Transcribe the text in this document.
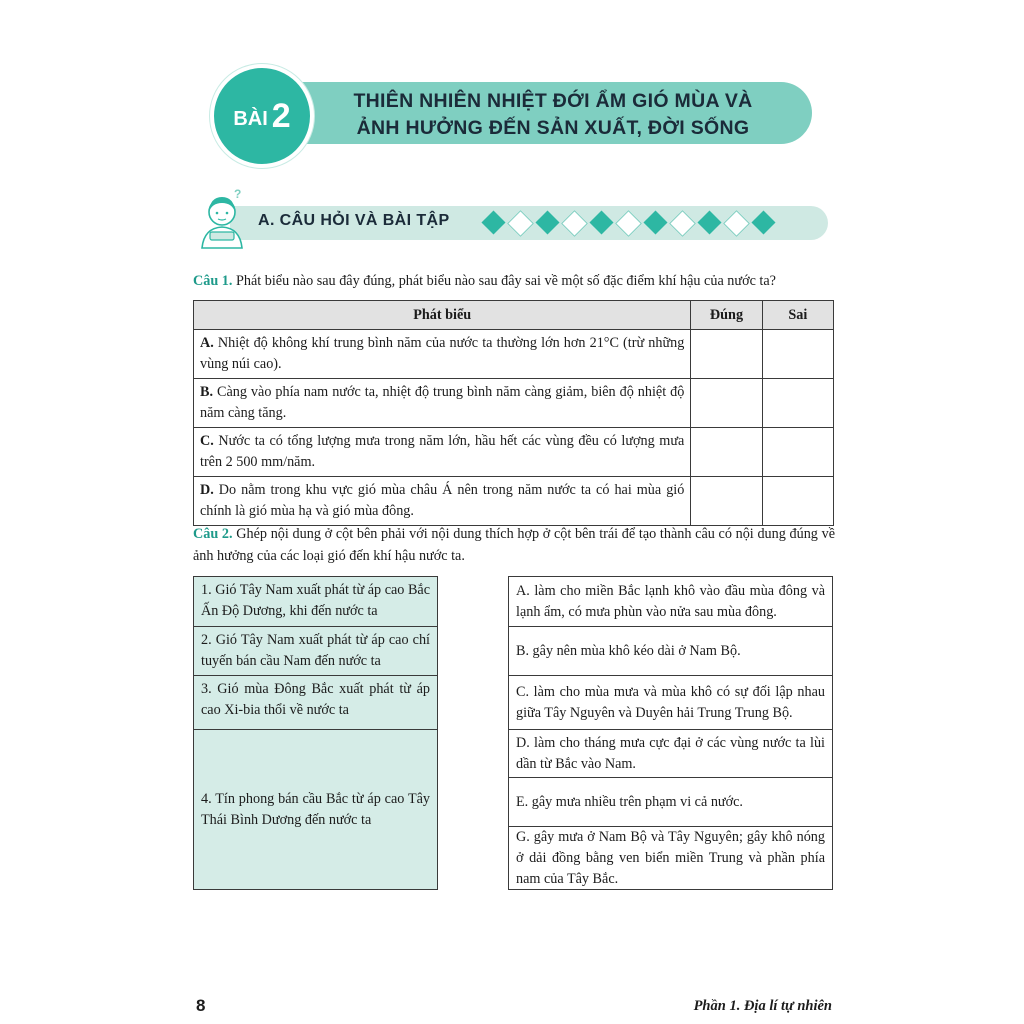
BÀI 2	THIÊN NHIÊN NHIỆT ĐỚI ẨM GIÓ MÙA VÀ
ẢNH HƯỞNG ĐẾN SẢN XUẤT, ĐỜI SỐNG
?
A. CÂU HỎI VÀ BÀI TẬP
Câu 1. Phát biểu nào sau đây đúng, phát biểu nào sau đây sai về một số đặc điểm khí hậu của nước ta?
Phát biểu	Đúng	Sai
A. Nhiệt độ không khí trung bình năm của nước ta thường lớn hơn 21°C (trừ những vùng núi cao).		
B. Càng vào phía nam nước ta, nhiệt độ trung bình năm càng giảm, biên độ nhiệt độ năm càng tăng.		
C. Nước ta có tổng lượng mưa trong năm lớn, hầu hết các vùng đều có lượng mưa trên 2 500 mm/năm.		
D. Do nằm trong khu vực gió mùa châu Á nên trong năm nước ta có hai mùa gió chính là gió mùa hạ và gió mùa đông.		
Câu 2. Ghép nội dung ở cột bên phải với nội dung thích hợp ở cột bên trái để tạo thành câu có nội dung đúng về ảnh hưởng của các loại gió đến khí hậu nước ta.
1. Gió Tây Nam xuất phát từ áp cao Bắc Ấn Độ Dương, khi đến nước ta
2. Gió Tây Nam xuất phát từ áp cao chí tuyến bán cầu Nam đến nước ta
3. Gió mùa Đông Bắc xuất phát từ áp cao Xi-bia thổi về nước ta
4. Tín phong bán cầu Bắc từ áp cao Tây Thái Bình Dương đến nước ta
A. làm cho miền Bắc lạnh khô vào đầu mùa đông và lạnh ẩm, có mưa phùn vào nửa sau mùa đông.
B. gây nên mùa khô kéo dài ở Nam Bộ.
C. làm cho mùa mưa và mùa khô có sự đối lập nhau giữa Tây Nguyên và Duyên hải Trung Trung Bộ.
D. làm cho tháng mưa cực đại ở các vùng nước ta lùi dần từ Bắc vào Nam.
E. gây mưa nhiều trên phạm vi cả nước.
G. gây mưa ở Nam Bộ và Tây Nguyên; gây khô nóng ở dải đồng bằng ven biển miền Trung và phần phía nam của Tây Bắc.
8	Phần 1. Địa lí tự nhiên
